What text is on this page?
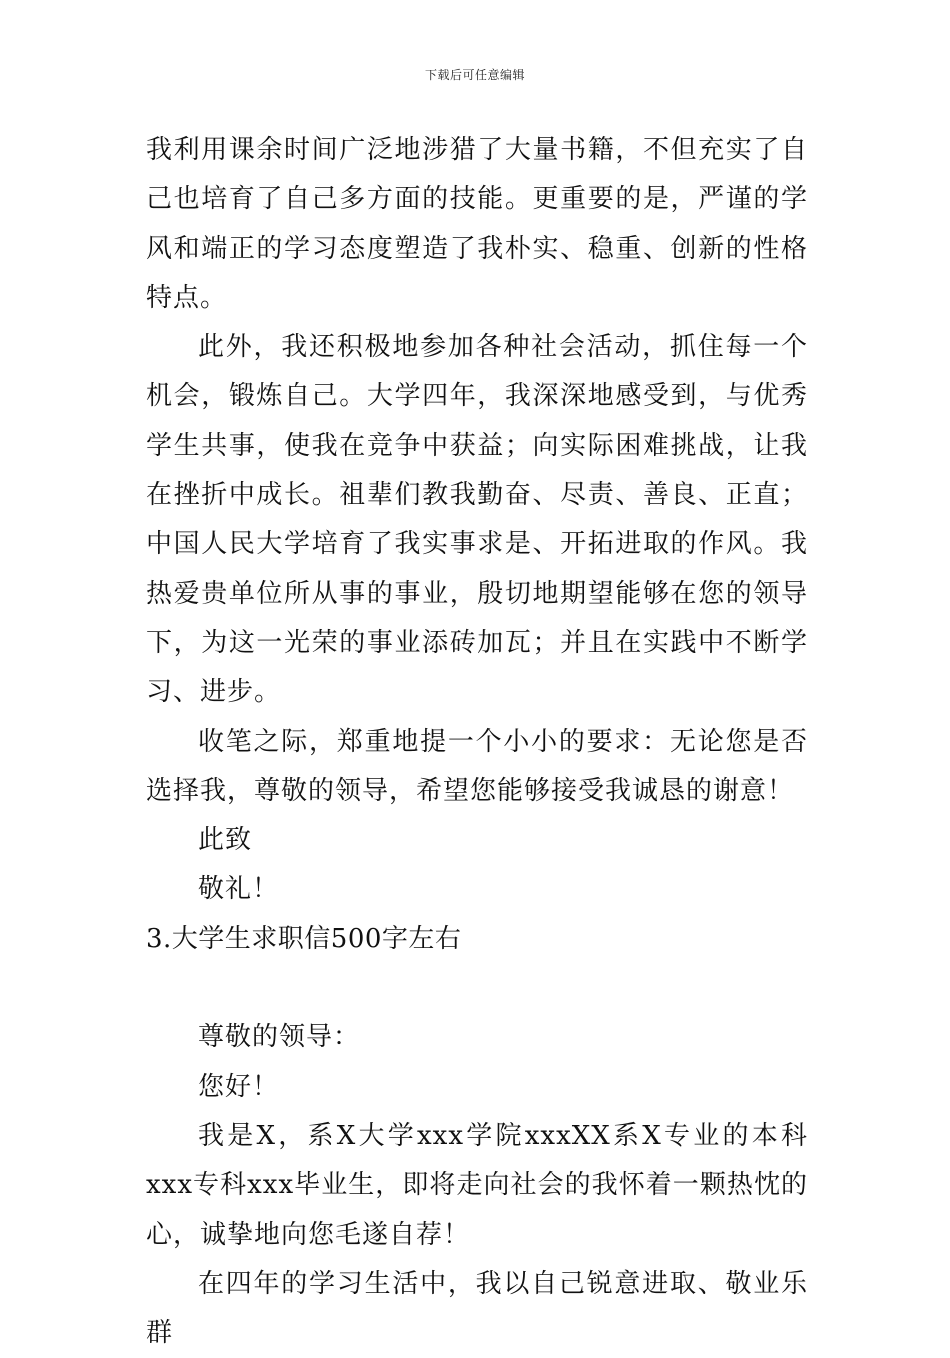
下载后可任意编辑

我利用课余时间广泛地涉猎了大量书籍，不但充实了自己也培育了自己多方面的技能。更重要的是，严谨的学风和端正的学习态度塑造了我朴实、稳重、创新的性格特点。

此外，我还积极地参加各种社会活动，抓住每一个机会，锻炼自己。大学四年，我深深地感受到，与优秀学生共事，使我在竞争中获益；向实际困难挑战，让我在挫折中成长。祖辈们教我勤奋、尽责、善良、正直；中国人民大学培育了我实事求是、开拓进取的作风。我热爱贵单位所从事的事业，殷切地期望能够在您的领导下，为这一光荣的事业添砖加瓦；并且在实践中不断学习、进步。

收笔之际，郑重地提一个小小的要求：无论您是否选择我，尊敬的领导，希望您能够接受我诚恳的谢意！

此致

敬礼！

3.大学生求职信500字左右

尊敬的领导：

您好！

我是X，系X大学xxx学院xxxXX系X专业的本科xxx专科xxx毕业生，即将走向社会的我怀着一颗热忱的心，诚挚地向您毛遂自荐！

在四年的学习生活中，我以自己锐意进取、敬业乐群
